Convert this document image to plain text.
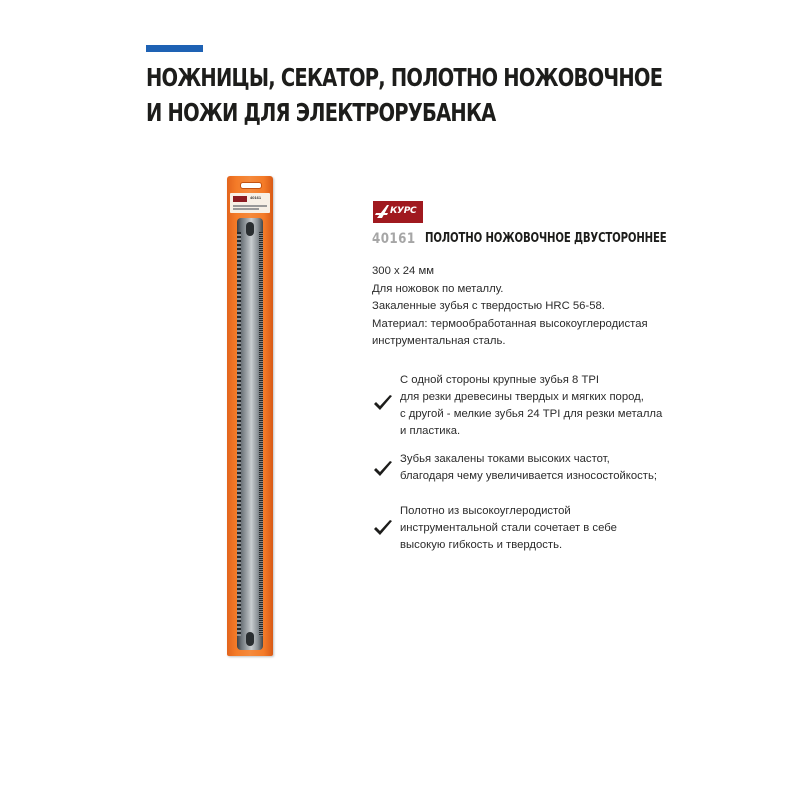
НОЖНИЦЫ, СЕКАТОР, ПОЛОТНО НОЖОВОЧНОЕ
И НОЖИ ДЛЯ ЭЛЕКТРОРУБАНКА
40161
КУРС
40161 ПОЛОТНО НОЖОВОЧНОЕ ДВУСТОРОННЕЕ
300 x 24 мм
Для ножовок по металлу.
Закаленные зубья с твердостью HRC 56-58.
Материал: термообработанная высокоуглеродистая
инструментальная сталь.
С одной стороны крупные зубья 8 TPI
для резки древесины твердых и мягких пород,
с другой - мелкие зубья 24 TPI для резки металла
и пластика.
Зубья закалены токами высоких частот,
благодаря чему увеличивается износостойкость;
Полотно из высокоуглеродистой
инструментальной стали сочетает в себе
высокую гибкость и твердость.
